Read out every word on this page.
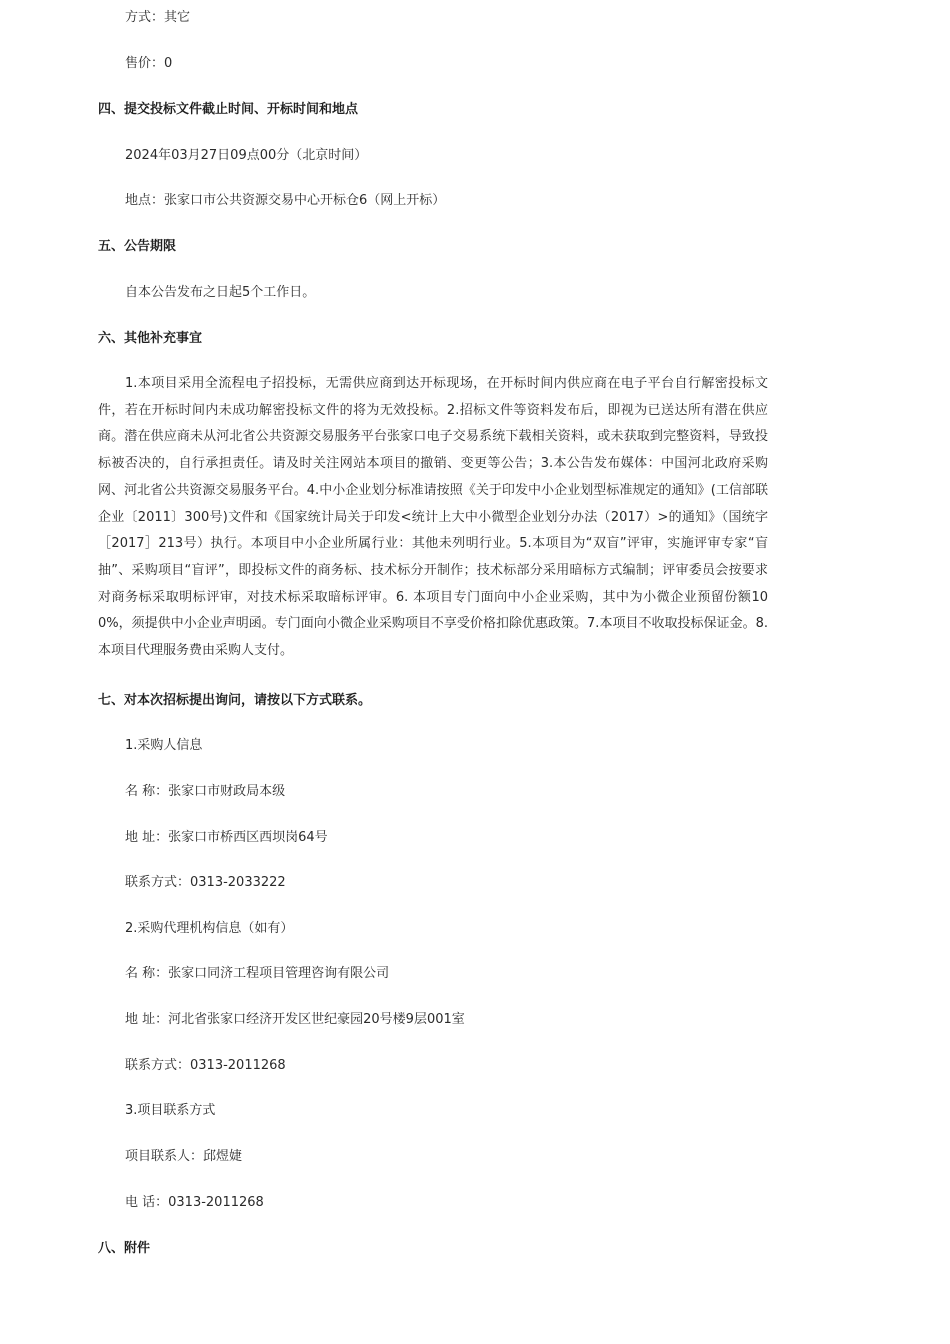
方式：其它
售价：0
四、提交投标文件截止时间、开标时间和地点
2024年03月27日09点00分（北京时间）
地点：张家口市公共资源交易中心开标仓6（网上开标）
五、公告期限
自本公告发布之日起5个工作日。
六、其他补充事宜
1.本项目采用全流程电子招投标，无需供应商到达开标现场，在开标时间内供应商在电子平台自行解密投标文件，若在开标时间内未成功解密投标文件的将为无效投标。2.招标文件等资料发布后，即视为已送达所有潜在供应商。潜在供应商未从河北省公共资源交易服务平台张家口电子交易系统下载相关资料，或未获取到完整资料，导致投标被否决的，自行承担责任。请及时关注网站本项目的撤销、变更等公告；3.本公告发布媒体：中国河北政府采购网、河北省公共资源交易服务平台。4.中小企业划分标准请按照《关于印发中小企业划型标准规定的通知》(工信部联企业〔2011〕300号)文件和《国家统计局关于印发<统计上大中小微型企业划分办法（2017）>的通知》（国统字［2017］213号）执行。本项目中小企业所属行业：其他未列明行业。5.本项目为“双盲”评审，实施评审专家“盲抽”、采购项目“盲评”，即投标文件的商务标、技术标分开制作；技术标部分采用暗标方式编制；评审委员会按要求对商务标采取明标评审，对技术标采取暗标评审。6. 本项目专门面向中小企业采购，其中为小微企业预留份额100%，须提供中小企业声明函。专门面向小微企业采购项目不享受价格扣除优惠政策。7.本项目不收取投标保证金。8.本项目代理服务费由采购人支付。
七、对本次招标提出询问，请按以下方式联系。
1.采购人信息
名 称：张家口市财政局本级
地 址：张家口市桥西区西坝岗64号
联系方式：0313-2033222
2.采购代理机构信息（如有）
名 称：张家口同济工程项目管理咨询有限公司
地 址：河北省张家口经济开发区世纪豪园20号楼9层001室
联系方式：0313-2011268
3.项目联系方式
项目联系人：邱煜婕
电 话：0313-2011268
八、附件
